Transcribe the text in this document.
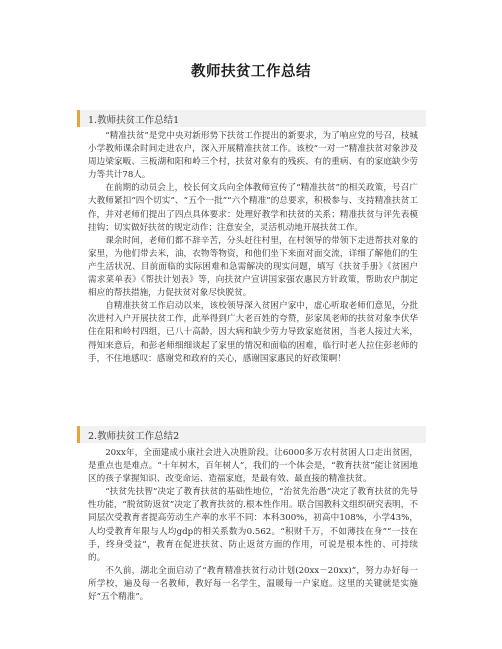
教师扶贫工作总结
1.教师扶贫工作总结1

“精准扶贫”是党中央对新形势下扶贫工作提出的新要求，为了响应党的号召，枝城小学教师课余时间走进农户，深入开展精准扶贫工作。该校“一对一”精准扶贫对象涉及周边梁家畈、三板湖和阳和岭三个村，扶贫对象有的残疾、有的重病、有的家庭缺少劳力等共计78人。

在前期的动员会上，校长何文兵向全体教师宣传了“精准扶贫”的相关政策，号召广大教师紧扣“四个切实”、“五个一批”“六个精准”的总要求，积极参与、支持精准扶贫工作，并对老师们提出了四点具体要求：处理好教学和扶贫的关系；精准扶贫与评先表模挂钩；切实做好扶贫的规定动作；注意安全，灵活机动地开展扶贫工作。

课余时间，老师们都不辞辛苦，分头赶往村里，在村领导的带领下走进帮扶对象的家里，为他们带去米，油，衣物等物资，和他们坐下来面对面交流，详细了解他们的生产生活状况、目前面临的实际困难和急需解决的现实问题，填写《扶贫手册》《贫困户需求菜单表》《帮扶计划表》等，向扶贫户宣讲国家强农惠民方针政策，帮助农户制定相应的帮扶措施，力促扶贫对象尽快脱贫。

自精准扶贫工作启动以来，该校领导深入贫困户家中，虚心听取老师们意见，分批次进村入户开展扶贫工作，此举得到广大老百姓的夸赞，彭家凤老师的扶贫对象李伏华住在阳和岭村四组，已八十高龄，因大病和缺少劳力导致家庭贫困，当老人接过大米，得知来意后，和彭老师细细谈起了家里的情况和面临的困难，临行时老人拉住彭老师的手，不住地感叹：感谢党和政府的关心，感谢国家惠民的好政策啊！

2.教师扶贫工作总结2

20xx年，全面建成小康社会进入决胜阶段。让6000多万农村贫困人口走出贫困，是重点也是难点。“十年树木，百年树人”，我们的一个体会是，“教育扶贫”能让贫困地区的孩子掌握知识、改变命运、造福家庭，是最有效、最直接的精准扶贫。

“扶贫先扶智”决定了教育扶贫的基础性地位，“治贫先治愚”决定了教育扶贫的先导性功能，“脱贫防返贫”决定了教育扶贫的.根本性作用。联合国教科文组织研究表明，不同层次受教育者提高劳动生产率的水平不同：本科300%，初高中108%，小学43%，人均受教育年限与人均gdp的相关系数为0.562。“积财千万，不如薄技在身”“一技在手，终身受益”，教育在促进扶贫、防止返贫方面的作用，可说是根本性的、可持续的。

不久前，湖北全面启动了“教育精准扶贫行动计划(20xx－20xx)”，努力办好每一所学校，遍及每一名教师，教好每一名学生，温暖每一户家庭。这里的关键就是实施好“五个精准”。
